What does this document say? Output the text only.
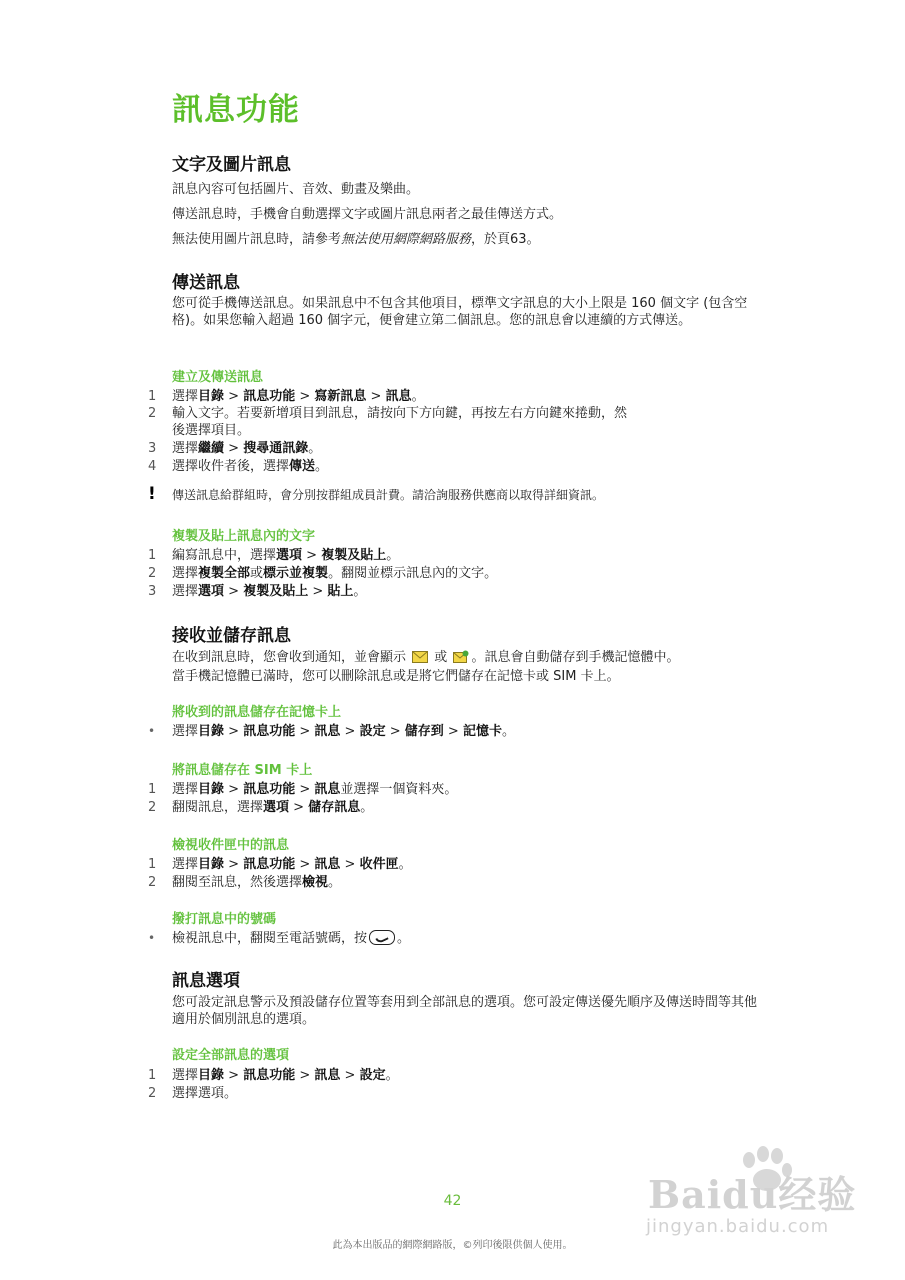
訊息功能
文字及圖片訊息

訊息內容可包括圖片、音效、動畫及樂曲。

傳送訊息時，手機會自動選擇文字或圖片訊息兩者之最佳傳送方式。

無法使用圖片訊息時，請參考無法使用網際網路服務，於頁63。

傳送訊息

您可從手機傳送訊息。如果訊息中不包含其他項目，標準文字訊息的大小上限是 160 個文字 (包含空格)。如果您輸入超過 160 個字元，便會建立第二個訊息。您的訊息會以連續的方式傳送。

建立及傳送訊息
1 選擇目錄 > 訊息功能 > 寫新訊息 > 訊息。
2 輸入文字。若要新增項目到訊息，請按向下方向鍵，再按左右方向鍵來捲動，然
後選擇項目。
3 選擇繼續 > 搜尋通訊錄。
4 選擇收件者後，選擇傳送。
! 傳送訊息給群組時，會分別按群組成員計費。請洽詢服務供應商以取得詳細資訊。
複製及貼上訊息內的文字
1 編寫訊息中，選擇選項 > 複製及貼上。
2 選擇複製全部或標示並複製。翻閱並標示訊息內的文字。
3 選擇選項 > 複製及貼上 > 貼上。
接收並儲存訊息

在收到訊息時，您會收到通知，並會顯示 或 。訊息會自動儲存到手機記憶體中。
當手機記憶體已滿時，您可以刪除訊息或是將它們儲存在記憶卡或 SIM 卡上。

將收到的訊息儲存在記憶卡上
•	選擇目錄 > 訊息功能 > 訊息 > 設定 > 儲存到 > 記憶卡。
將訊息儲存在 SIM 卡上
1 選擇目錄 > 訊息功能 > 訊息並選擇一個資料夾。
2 翻閱訊息，選擇選項 > 儲存訊息。
檢視收件匣中的訊息
1 選擇目錄 > 訊息功能 > 訊息 > 收件匣。
2 翻閱至訊息，然後選擇檢視。
撥打訊息中的號碼
•	檢視訊息中，翻閱至電話號碼，按 。
訊息選項

您可設定訊息警示及預設儲存位置等套用到全部訊息的選項。您可設定傳送優先順序及傳送時間等其他適用於個別訊息的選項。

設定全部訊息的選項
1 選擇目錄 > 訊息功能 > 訊息 > 設定。
2 選擇選項。
42
此為本出版品的網際網路版，©列印後限供個人使用。
Baidu经验
jingyan.baidu.com
